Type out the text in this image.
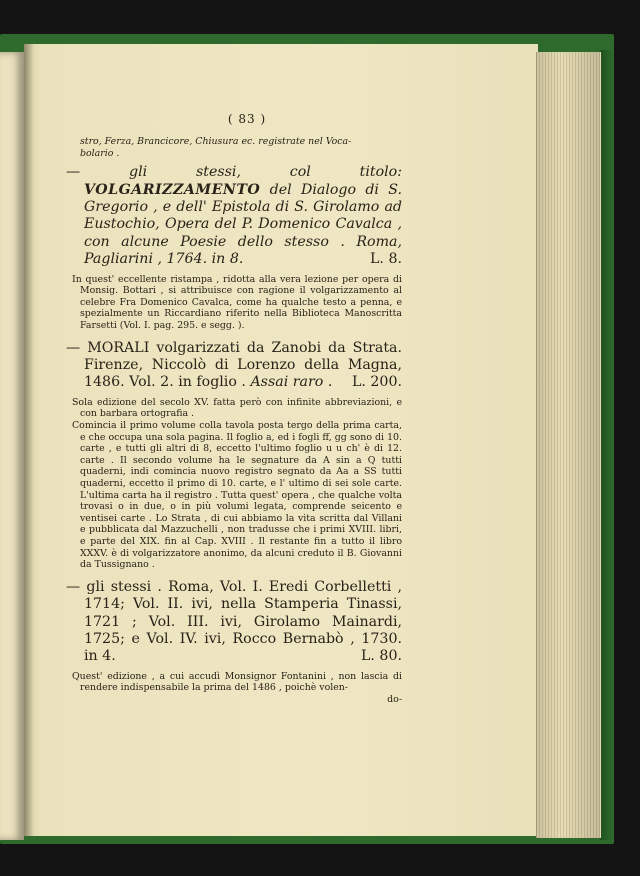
( 83 )

stro, Ferza, Brancicore, Chiusura ec. registrate nel Voca-
bolario .

—	gli stessi, col titolo: VOLGARIZZAMENTO del Dialogo di S. Gregorio , e dell' Epistola di S. Girolamo ad Eustochio, Opera del P. Domenico Cavalca , con alcune Poesie dello stesso . Roma, Pagliarini , 1764. in 8.	L. 8.

In quest' eccellente ristampa , ridotta alla vera lezione per opera di Monsig. Bottari , si attribuisce con ragione il volgarizzamento al celebre Fra Domenico Cavalca, come ha qualche testo a penna, e spezialmente un Riccardiano riferito nella Biblioteca Manoscritta Farsetti (Vol. I. pag. 295. e segg. ).

— MORALI volgarizzati da Zanobi da Strata. Firenze, Niccolò di Lorenzo della Magna, 1486. Vol. 2. in foglio . Assai raro . L. 200.

Sola edizione del secolo XV. fatta però con infinite abbreviazioni, e con barbara ortografia .

Comincia il primo volume colla tavola posta tergo della prima carta, e che occupa una sola pagina. Il foglio a, ed i fogli ff, gg sono di 10. carte , e tutti gli altri di 8, eccetto l'ultimo foglio u u ch' è di 12. carte . Il secondo volume ha le segnature da A sin a Q tutti quaderni, indi comincia nuovo registro segnato da Aa a SS tutti quaderni, eccetto il primo di 10. carte, e l' ultimo di sei sole carte. L'ultima carta ha il registro . Tutta quest' opera , che qualche volta trovasi o in due, o in più volumi legata, comprende seicento e ventisei carte . Lo Strata , di cui abbiamo la vita scritta dal Villani e pubblicata dal Mazzuchelli , non tradusse che i primi XVIII. libri, e parte del XIX. fin al Cap. XVIII . Il restante fin a tutto il libro XXXV. è di volgarizzatore anonimo, da alcuni creduto il B. Giovanni da Tussignano .

— gli stessi . Roma, Vol. I. Eredi Corbelletti , 1714; Vol. II. ivi, nella Stamperia Tinassi, 1721 ; Vol. III. ivi, Girolamo Mainardi, 1725; e Vol. IV. ivi, Rocco Bernabò , 1730. in 4.	L. 80.

Quest' edizione , a cui accudì Monsignor Fontanini , non lascia di rendere indispensabile la prima del 1486 , poichè volen-

do-
